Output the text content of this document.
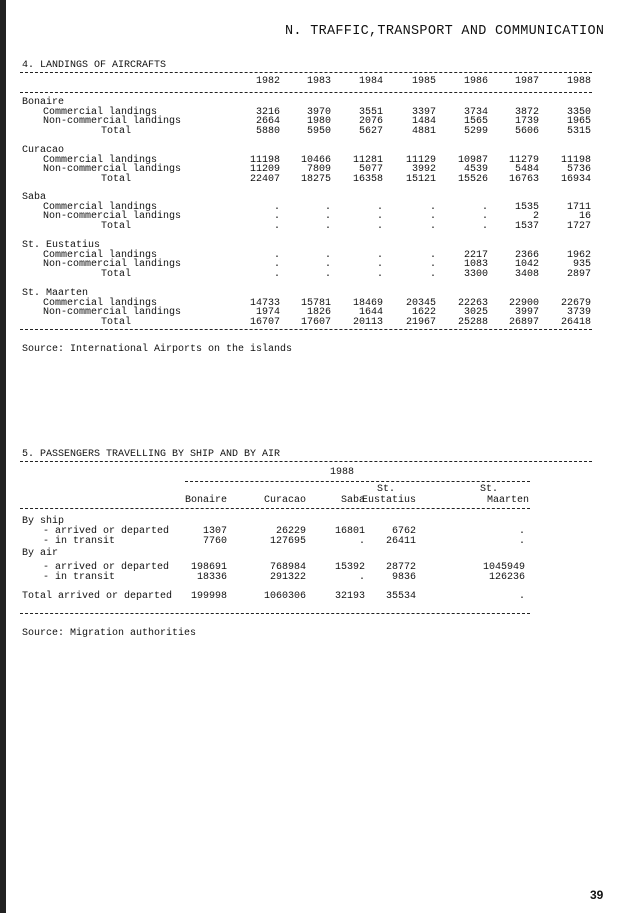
N. TRAFFIC,TRANSPORT AND COMMUNICATION
4. LANDINGS OF AIRCRAFTS
1982	1983	1984	1985	1986	1987	1988
Bonaire
Commercial landings	3216	3970	3551	3397	3734	3872	3350
Non-commercial landings	2664	1980	2076	1484	1565	1739	1965
Total	5880	5950	5627	4881	5299	5606	5315
Curacao
Commercial landings	11198	10466	11281	11129	10987	11279	11198
Non-commercial landings	11209	7809	5077	3992	4539	5484	5736
Total	22407	18275	16358	15121	15526	16763	16934
Saba
Commercial landings	.	.	.	.	.	1535	1711
Non-commercial landings	.	.	.	.	.	2	16
Total	.	.	.	.	.	1537	1727
St. Eustatius
Commercial landings	.	.	.	.	2217	2366	1962
Non-commercial landings	.	.	.	.	1083	1042	935
Total	.	.	.	.	3300	3408	2897
St. Maarten
Commercial landings	14733	15781	18469	20345	22263	22900	22679
Non-commercial landings	1974	1826	1644	1622	3025	3997	3739
Total	16707	17607	20113	21967	25288	26897	26418
Source: International Airports on the islands
5. PASSENGERS TRAVELLING BY SHIP AND BY AIR
1988
Bonaire	Curacao	Saba
St.
Eustatius
St.
Maarten
By ship
- arrived or departed	1307	26229	16801	6762	.
- in transit	7760	127695	.	26411	.
By air
- arrived or departed	198691	768984	15392	28772	1045949
- in transit	18336	291322	.	9836	126236
Total arrived or departed	199998	1060306	32193	35534	.
Source: Migration authorities
39
